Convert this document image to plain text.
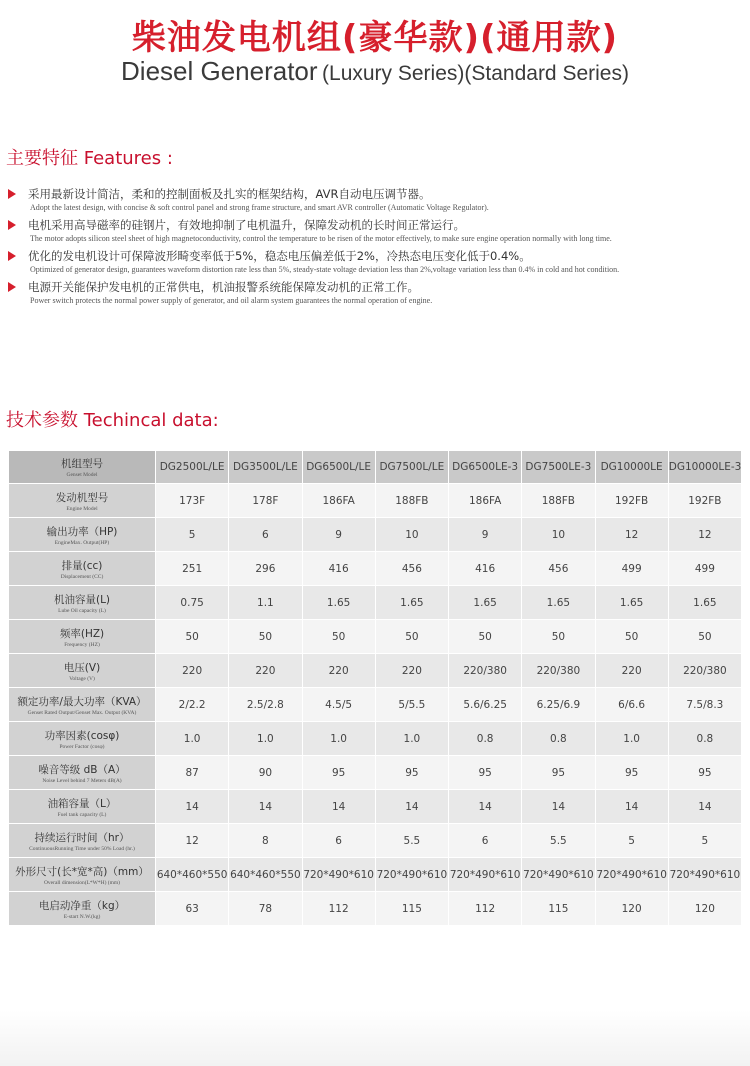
柴油发电机组(豪华款)(通用款)
Diesel Generator (Luxury Series)(Standard Series)
主要特征 Features :
采用最新设计简洁，柔和的控制面板及扎实的框架结构，AVR自动电压调节器。
Adopt the latest design, with concise & soft control panel and strong frame structure, and smart AVR controller (Automatic Voltage Regulator).
电机采用高导磁率的硅钢片，有效地抑制了电机温升，保障发动机的长时间正常运行。
The motor adopts silicon steel sheet of high magnetoconductivity, control the temperature to be risen of the motor effectively, to make sure engine operation normally with long time.
优化的发电机设计可保障波形畸变率低于5%，稳态电压偏差低于2%，冷热态电压变化低于0.4%。
Optimized of generator design, guarantees waveform distortion rate less than 5%, steady-state voltage deviation less than 2%,voltage variation less than 0.4% in cold and hot condition.
电源开关能保护发电机的正常供电，机油报警系统能保障发动机的正常工作。
Power switch protects the normal power supply of generator, and oil alarm system guarantees the normal operation of engine.
技术参数 Techincal data:
机组型号
Genset Model	DG2500L/LE	DG3500L/LE	DG6500L/LE	DG7500L/LE	DG6500LE-3	DG7500LE-3	DG10000LE	DG10000LE-3

发动机型号
Engine Model	173F	178F	186FA	188FB	186FA	188FB	192FB	192FB

输出功率（HP)
EngineMax. Output(HP)	5	6	9	10	9	10	12	12

排量(cc)
Displacement (CC)	251	296	416	456	416	456	499	499

机油容量(L)
Lube Oil capacity (L)	0.75	1.1	1.65	1.65	1.65	1.65	1.65	1.65

频率(HZ)
Frequency (HZ)	50	50	50	50	50	50	50	50

电压(V)
Voltage (V)	220	220	220	220	220/380	220/380	220	220/380

额定功率/最大功率（KVA）
Genset Rated Output/Genset Max. Output (KVA)	2/2.2	2.5/2.8	4.5/5	5/5.5	5.6/6.25	6.25/6.9	6/6.6	7.5/8.3

功率因素(cosφ)
Power Factor (cosφ)	1.0	1.0	1.0	1.0	0.8	0.8	1.0	0.8

噪音等级 dB（A）
Noise Level behind 7 Meters dB(A)	87	90	95	95	95	95	95	95

油箱容量（L）
Fuel tank capacity (L)	14	14	14	14	14	14	14	14

持续运行时间（hr）
ContinuousRunning Time under 50% Load (hr.)	12	8	6	5.5	6	5.5	5	5

外形尺寸(长*宽*高)（mm）
Overall dimension(L*W*H) (mm)	640*460*550	640*460*550	720*490*610	720*490*610	720*490*610	720*490*610	720*490*610	720*490*610

电启动净重（kg）
E-start N.W.(kg)	63	78	112	115	112	115	120	120
